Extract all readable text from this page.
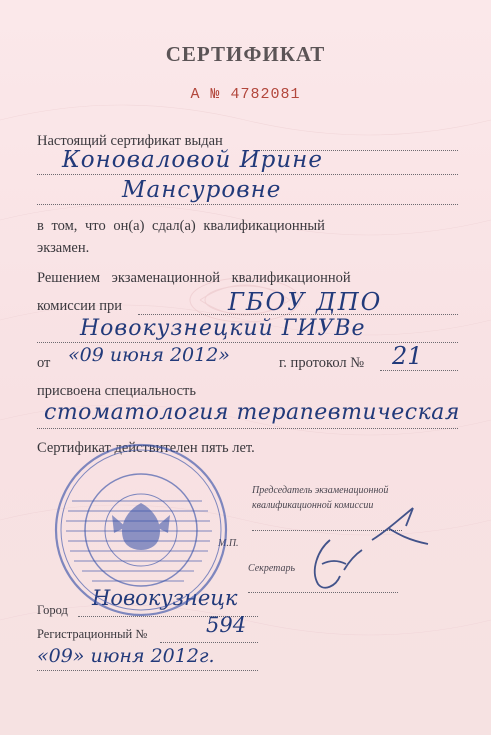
СЕРТИФИКАТ
А № 4782081
Настоящий сертификат выдан
Коноваловой Ирине
Мансуровне
в том, что он(а) сдал(а) квалификационный
экзамен.
Решением экзаменационной квалификационной
комиссии при	ГБОУ ДПО
Новокузнецкий ГИУВе
от «09 июня 2012»	г. протокол № 21
присвоена специальность
стоматология терапевтическая
Сертификат действителен пять лет.
Председатель экзаменационной
квалификационной комиссии
М.П.
Секретарь
Город Новокузнецк
Регистрационный №	594
«09» июня 2012г.
